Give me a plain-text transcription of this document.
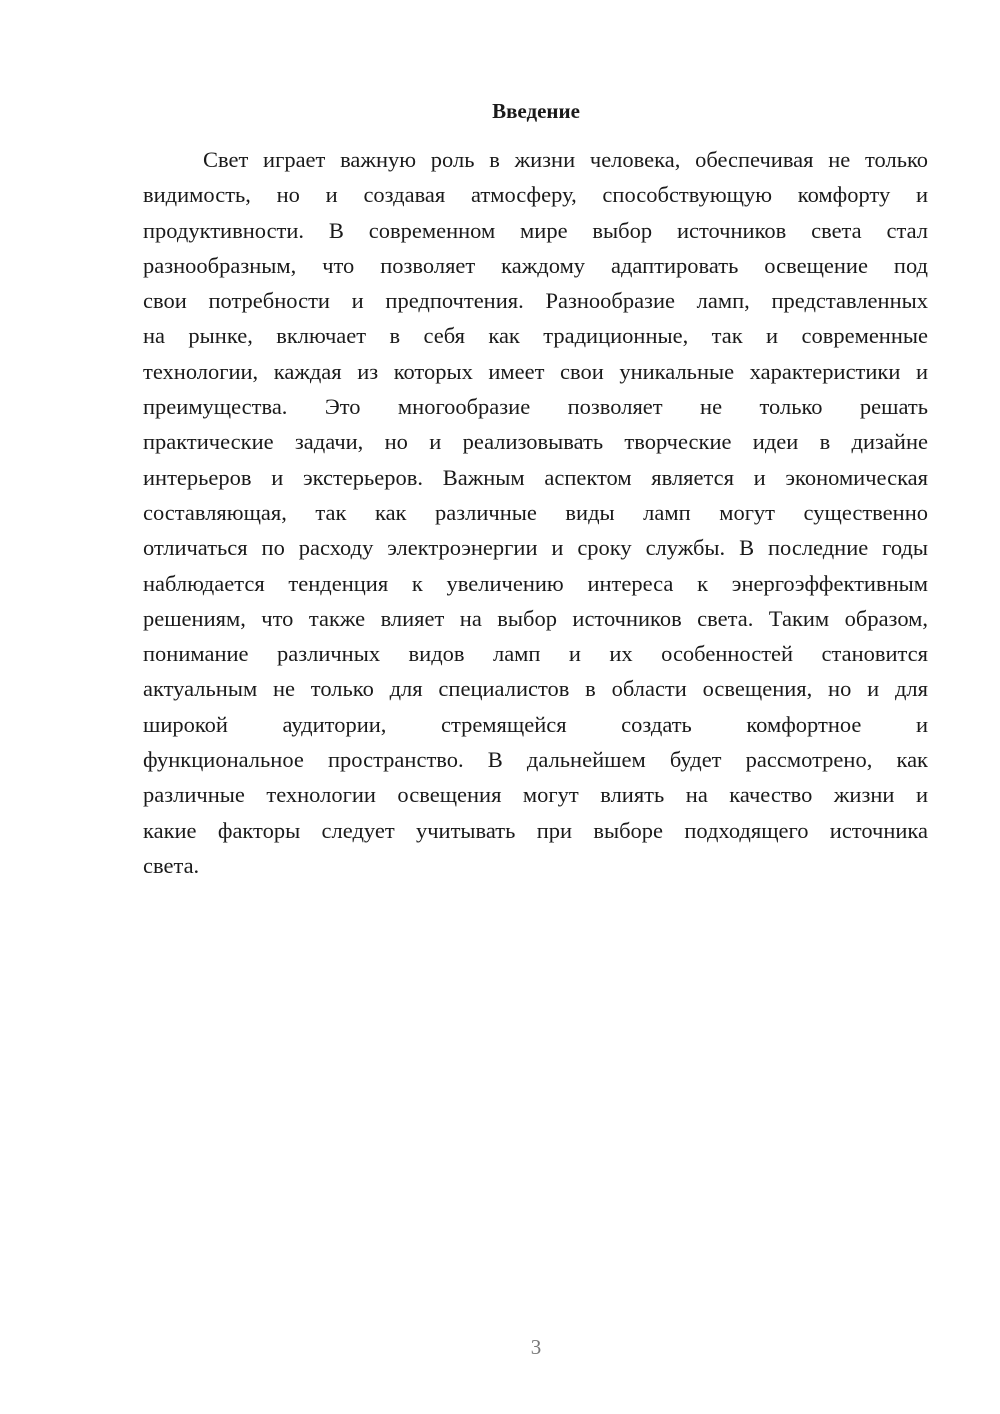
Введение
Свет играет важную роль в жизни человека, обеспечивая не только
видимость, но и создавая атмосферу, способствующую комфорту и
продуктивности. В современном мире выбор источников света стал
разнообразным, что позволяет каждому адаптировать освещение под
свои потребности и предпочтения. Разнообразие ламп, представленных
на рынке, включает в себя как традиционные, так и современные
технологии, каждая из которых имеет свои уникальные характеристики и
преимущества. Это многообразие позволяет не только решать
практические задачи, но и реализовывать творческие идеи в дизайне
интерьеров и экстерьеров. Важным аспектом является и экономическая
составляющая, так как различные виды ламп могут существенно
отличаться по расходу электроэнергии и сроку службы. В последние годы
наблюдается тенденция к увеличению интереса к энергоэффективным
решениям, что также влияет на выбор источников света. Таким образом,
понимание различных видов ламп и их особенностей становится
актуальным не только для специалистов в области освещения, но и для
широкой аудитории, стремящейся создать комфортное и
функциональное пространство. В дальнейшем будет рассмотрено, как
различные технологии освещения могут влиять на качество жизни и
какие факторы следует учитывать при выборе подходящего источника
света.
3
